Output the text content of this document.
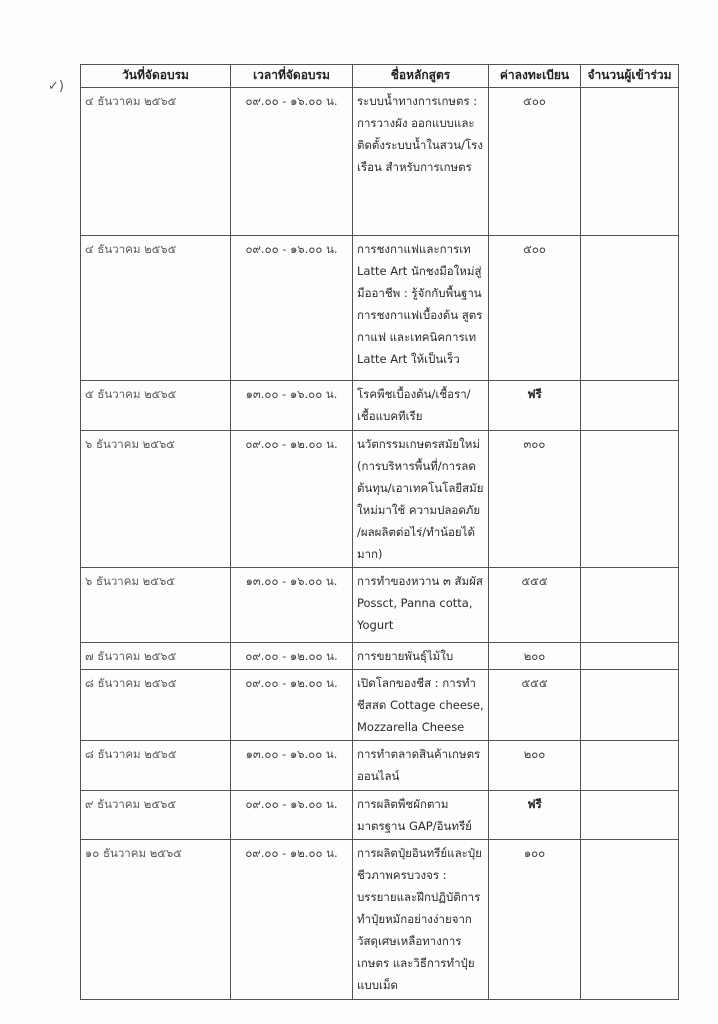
✓)
วันที่จัดอบรม	เวลาที่จัดอบรม	ชื่อหลักสูตร	ค่าลงทะเบียน	จำนวนผู้เข้าร่วม
๔ ธันวาคม ๒๕๖๕	๐๙.๐๐ - ๑๖.๐๐ น.	ระบบน้ำทางการเกษตร : การวางผัง ออกแบบและติดตั้งระบบน้ำในสวน/โรงเรือน สำหรับการเกษตร	๕๐๐	
๔ ธันวาคม ๒๕๖๕	๐๙.๐๐ - ๑๖.๐๐ น.	การชงกาแฟและการเท Latte Art นักชงมือใหม่สู่มืออาชีพ : รู้จักกับพื้นฐานการชงกาแฟเบื้องต้น สูตรกาแฟ และเทคนิคการเท Latte Art ให้เป็นเร็ว	๕๐๐	
๕ ธันวาคม ๒๕๖๕	๑๓.๐๐ - ๑๖.๐๐ น.	โรคพืชเบื้องต้น/เชื้อรา/เชื้อแบคทีเรีย	ฟรี	
๖ ธันวาคม ๒๕๖๕	๐๙.๐๐ - ๑๒.๐๐ น.	นวัตกรรมเกษตรสมัยใหม่ (การบริหารพื้นที่/การลดต้นทุน/เอาเทคโนโลยีสมัยใหม่มาใช้ ความปลอดภัย /ผลผลิตต่อไร่/ทำน้อยได้มาก)	๓๐๐	
๖ ธันวาคม ๒๕๖๕	๑๓.๐๐ - ๑๖.๐๐ น.	การทำของหวาน ๓ สัมผัส Possct, Panna cotta, Yogurt	๕๕๕	
๗ ธันวาคม ๒๕๖๕	๐๙.๐๐ - ๑๒.๐๐ น.	การขยายพันธุ์ไม้ใบ	๒๐๐	
๘ ธันวาคม ๒๕๖๕	๐๙.๐๐ - ๑๒.๐๐ น.	เปิดโลกของชีส : การทำชีสสด Cottage cheese, Mozzarella Cheese	๕๕๕	
๘ ธันวาคม ๒๕๖๕	๑๓.๐๐ - ๑๖.๐๐ น.	การทำตลาดสินค้าเกษตรออนไลน์	๒๐๐	
๙ ธันวาคม ๒๕๖๕	๐๙.๐๐ - ๑๖.๐๐ น.	การผลิตพืชผักตามมาตรฐาน GAP/อินทรีย์	ฟรี	
๑๐ ธันวาคม ๒๕๖๕	๐๙.๐๐ - ๑๒.๐๐ น.	การผลิตปุ๋ยอินทรีย์และปุ๋ยชีวภาพครบวงจร : บรรยายและฝึกปฏิบัติการทำปุ๋ยหมักอย่างง่ายจากวัสดุเศษเหลือทางการเกษตร และวิธีการทำปุ๋ยแบบเม็ด	๑๐๐	
